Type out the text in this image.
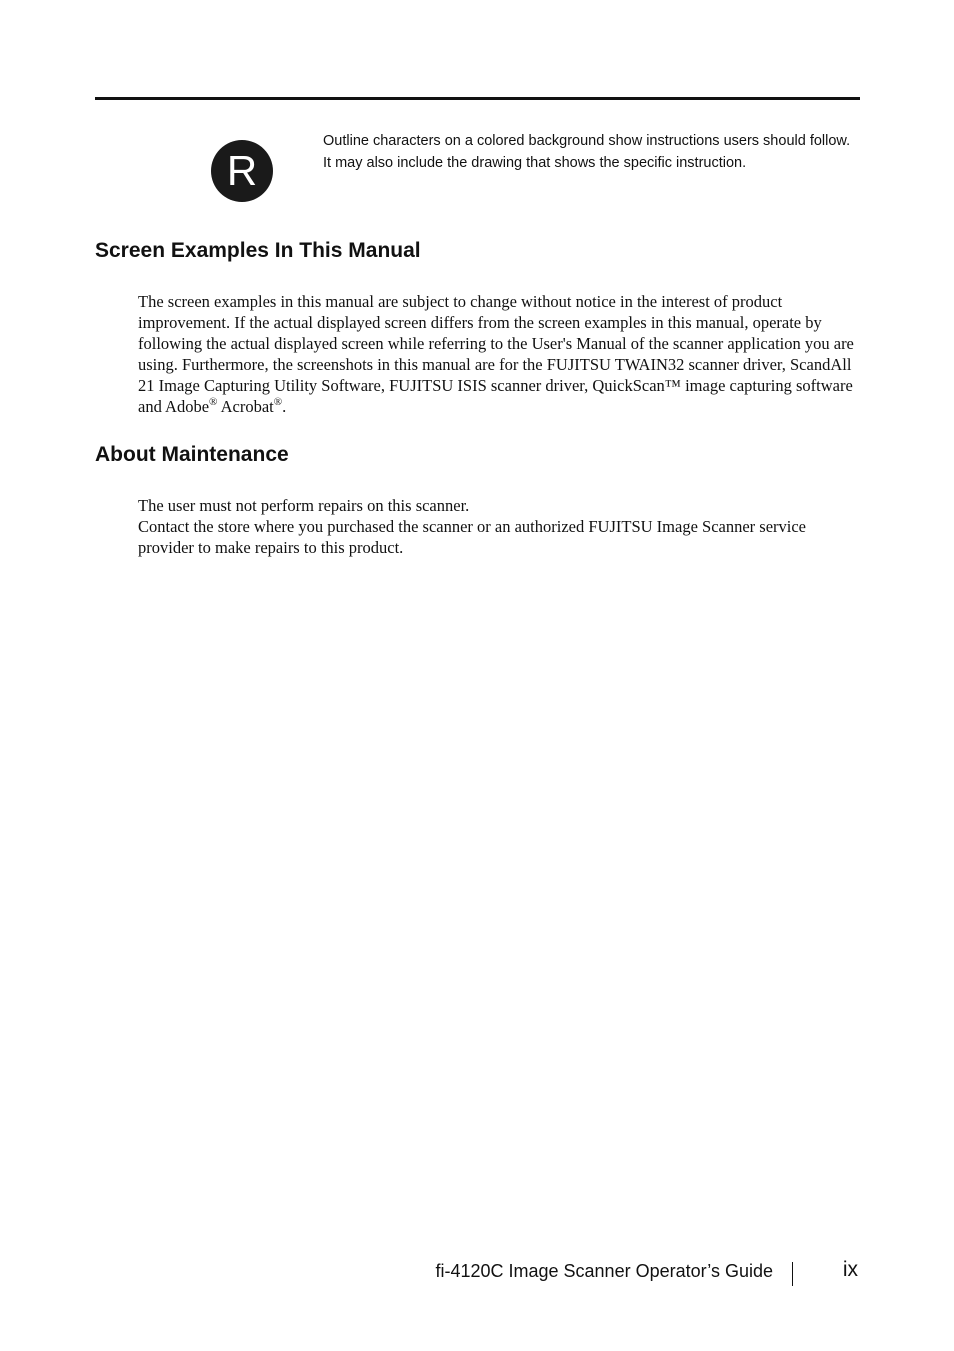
R

Outline characters on a colored background show instructions users should follow.

It may also include the drawing that shows the specific instruction.

Screen Examples In This Manual

The screen examples in this manual are subject to change without notice in the interest of product improvement. If the actual displayed screen differs from the screen examples in this manual, operate by following the actual displayed screen while referring to the User's Manual of the scanner application you are using. Furthermore, the screenshots in this manual are for the FUJITSU TWAIN32 scanner driver, ScandAll 21 Image Capturing Utility Software, FUJITSU ISIS scanner driver, QuickScan™ image capturing software and Adobe® Acrobat®.

About Maintenance

The user must not perform repairs on this scanner.

Contact the store where you purchased the scanner or an authorized FUJITSU Image Scanner service provider to make repairs to this product.

fi-4120C Image Scanner Operator’s Guide	ix
